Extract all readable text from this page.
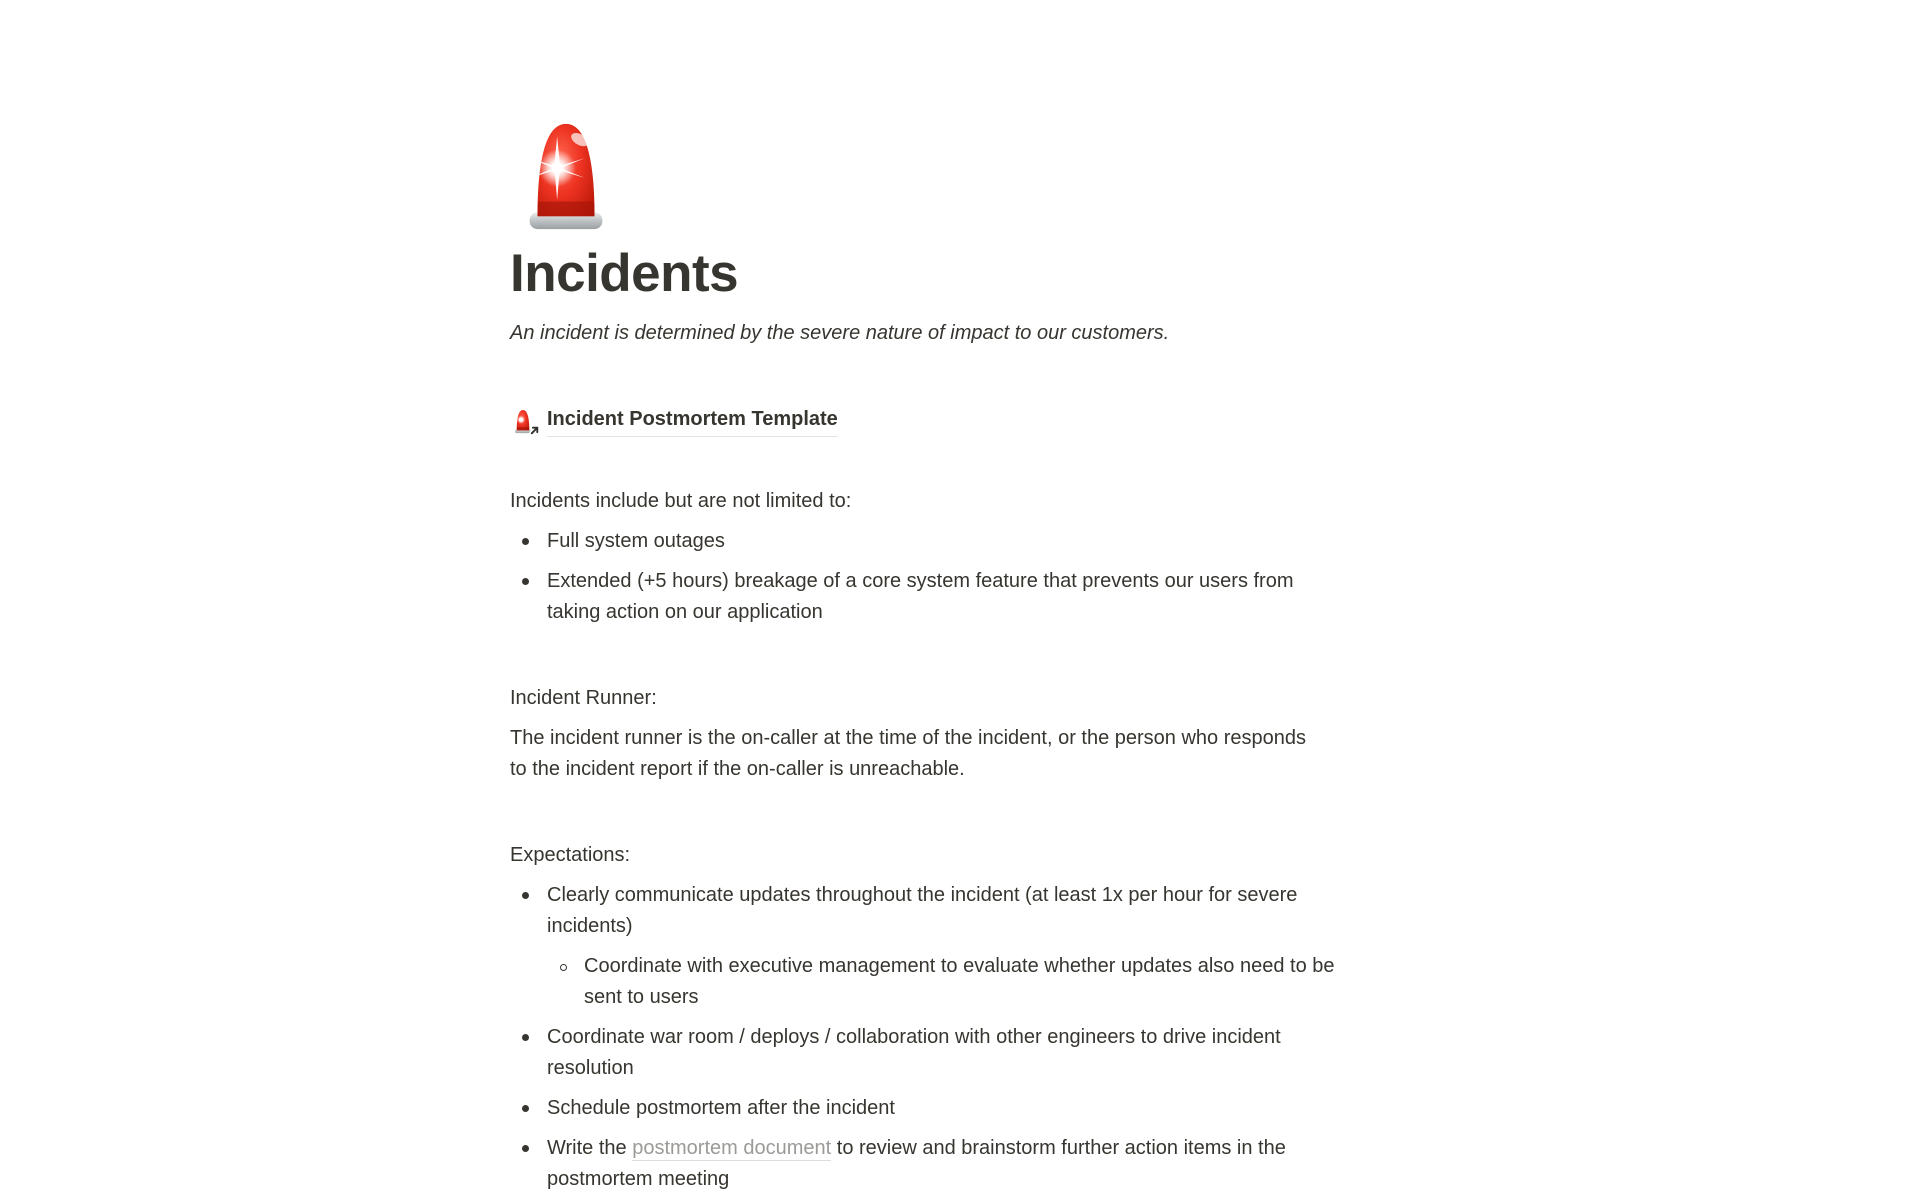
Incidents
An incident is determined by the severe nature of impact to our customers.
Incident Postmortem Template
Incidents include but are not limited to:
Full system outages
Extended (+5 hours) breakage of a core system feature that prevents our users from
taking action on our application
Incident Runner:
The incident runner is the on-caller at the time of the incident, or the person who responds
to the incident report if the on-caller is unreachable.
Expectations:
Clearly communicate updates throughout the incident (at least 1x per hour for severe
incidents)
Coordinate with executive management to evaluate whether updates also need to be
sent to users
Coordinate war room / deploys / collaboration with other engineers to drive incident
resolution
Schedule postmortem after the incident
Write the postmortem document to review and brainstorm further action items in the
postmortem meeting
